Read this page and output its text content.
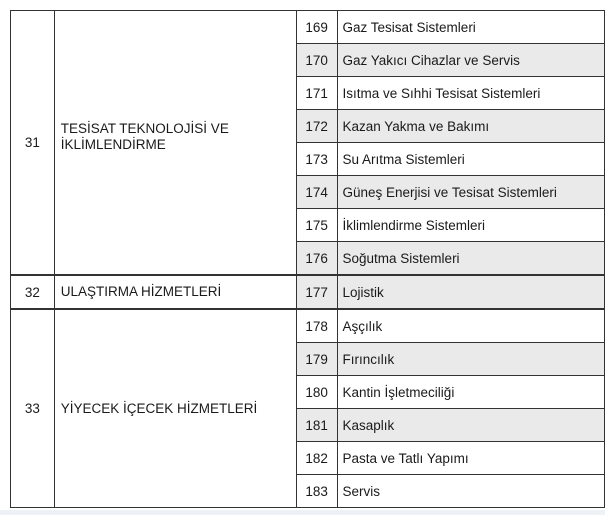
31	TESİSAT TEKNOLOJİSİ VE İKLİMLENDİRME	169	Gaz Tesisat Sistemleri
		170	Gaz Yakıcı Cihazlar ve Servis
		171	Isıtma ve Sıhhi Tesisat Sistemleri
		172	Kazan Yakma ve Bakımı
		173	Su Arıtma Sistemleri
		174	Güneş Enerjisi ve Tesisat Sistemleri
		175	İklimlendirme Sistemleri
		176	Soğutma Sistemleri
32	ULAŞTIRMA HİZMETLERİ	177	Lojistik
33	YİYECEK İÇECEK HİZMETLERİ	178	Aşçılık
		179	Fırıncılık
		180	Kantin İşletmeciliği
		181	Kasaplık
		182	Pasta ve Tatlı Yapımı
		183	Servis
